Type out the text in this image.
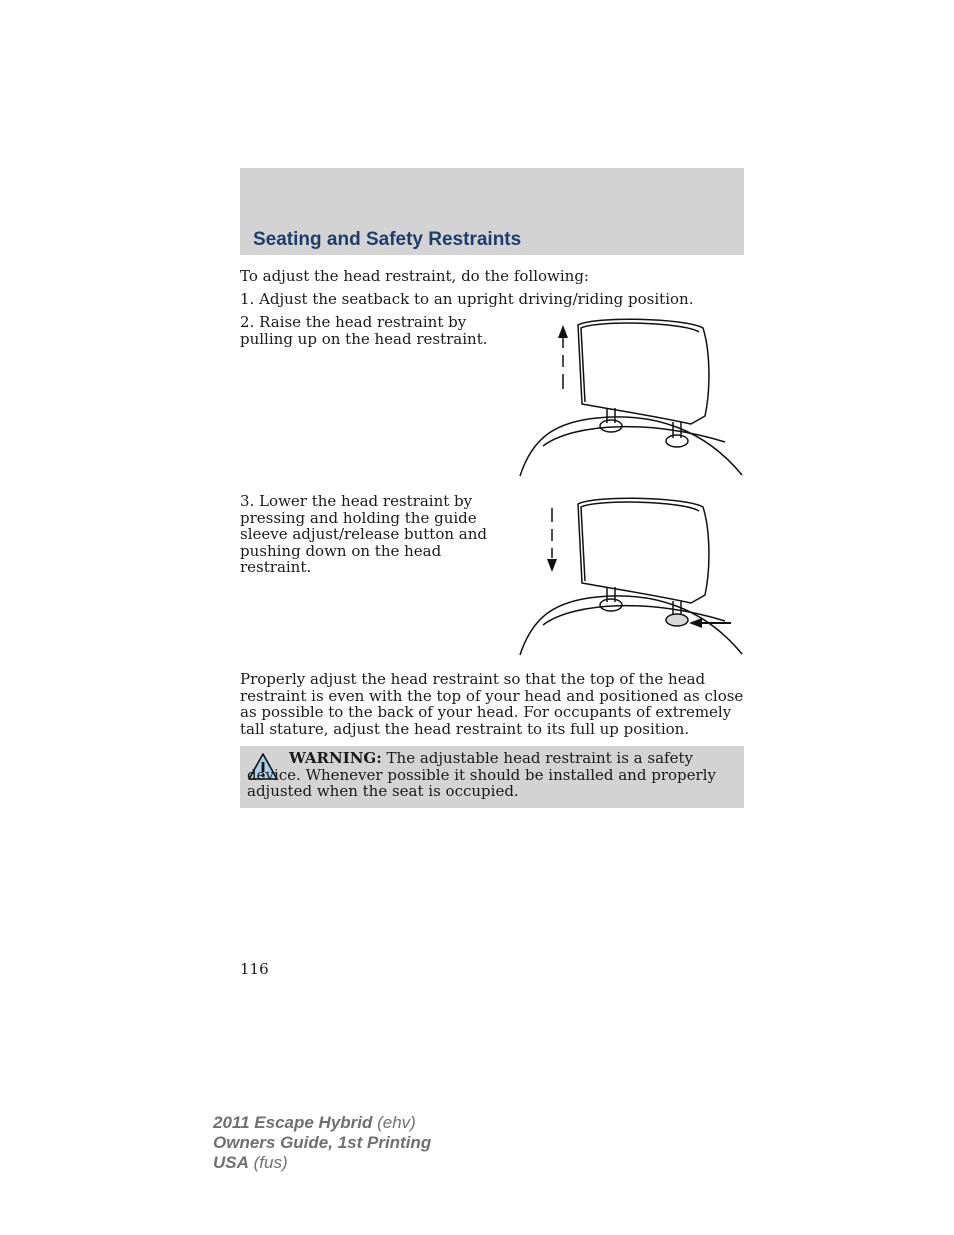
Seating and Safety Restraints

To adjust the head restraint, do the following:

1. Adjust the seatback to an upright driving/riding position.

2. Raise the head restraint by pulling up on the head restraint.

3. Lower the head restraint by pressing and holding the guide sleeve adjust/release button and pushing down on the head restraint.

Properly adjust the head restraint so that the top of the head restraint is even with the top of your head and positioned as close as possible to the back of your head. For occupants of extremely tall stature, adjust the head restraint to its full up position.

WARNING: The adjustable head restraint is a safety device. Whenever possible it should be installed and properly adjusted when the seat is occupied.

116
2011 Escape Hybrid (ehv)
Owners Guide, 1st Printing
USA (fus)
